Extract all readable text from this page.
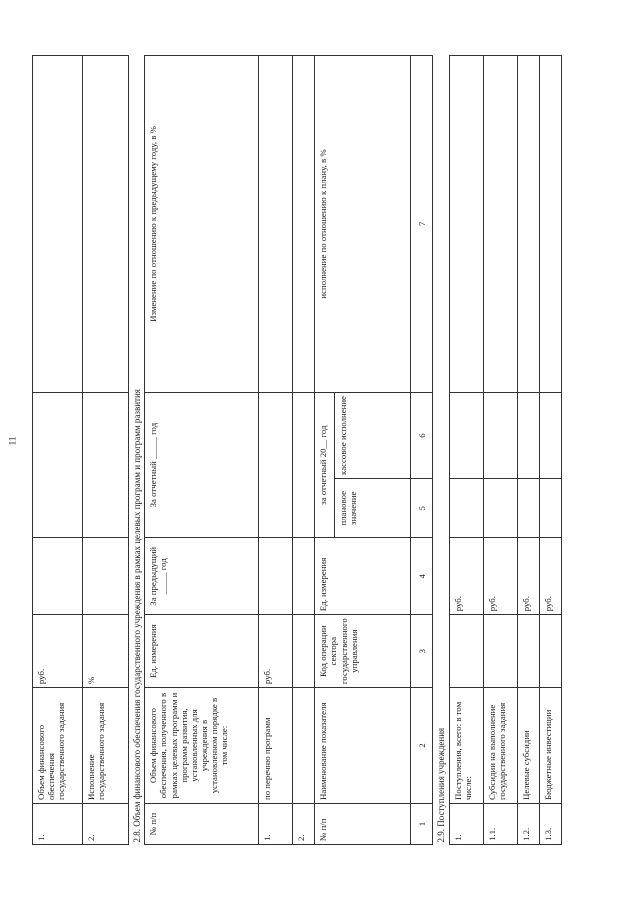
11
1.	Объем финансового обеспечения государственного задания	руб.				
2.	Исполнение государственного задания	%				
2.8. Объем финансового обеспечения государственного учреждения в рамках целевых программ и программ развития						
№ п/п	Объем финансового обеспечения, полученного в рамках целевых программ и программ развития, установленных для учреждения в установленном порядке в том числе:	Ед. измерения	За предыдущий _____ год	За отчетный _____ год		Изменение по отношению к предыдущему году, в %
1.	по перечню программ	руб.				
2.						
№ п/п	Наименование показателя	Код операции сектора государственного управления	Ед. измерения	за отчетный 20__ год		исполнение по отношению к плану, в %
				плановое значение	кассовое исполнение	
1	2	3	4	5	6	7
2.9. Поступления учреждения						
1.	Поступления, всего: в том числе:		руб.			
1.1.	Субсидии на выполнение государственного задания		руб.			
1.2.	Целевые субсидии		руб.			
1.3.	Бюджетные инвестиции		руб.			
